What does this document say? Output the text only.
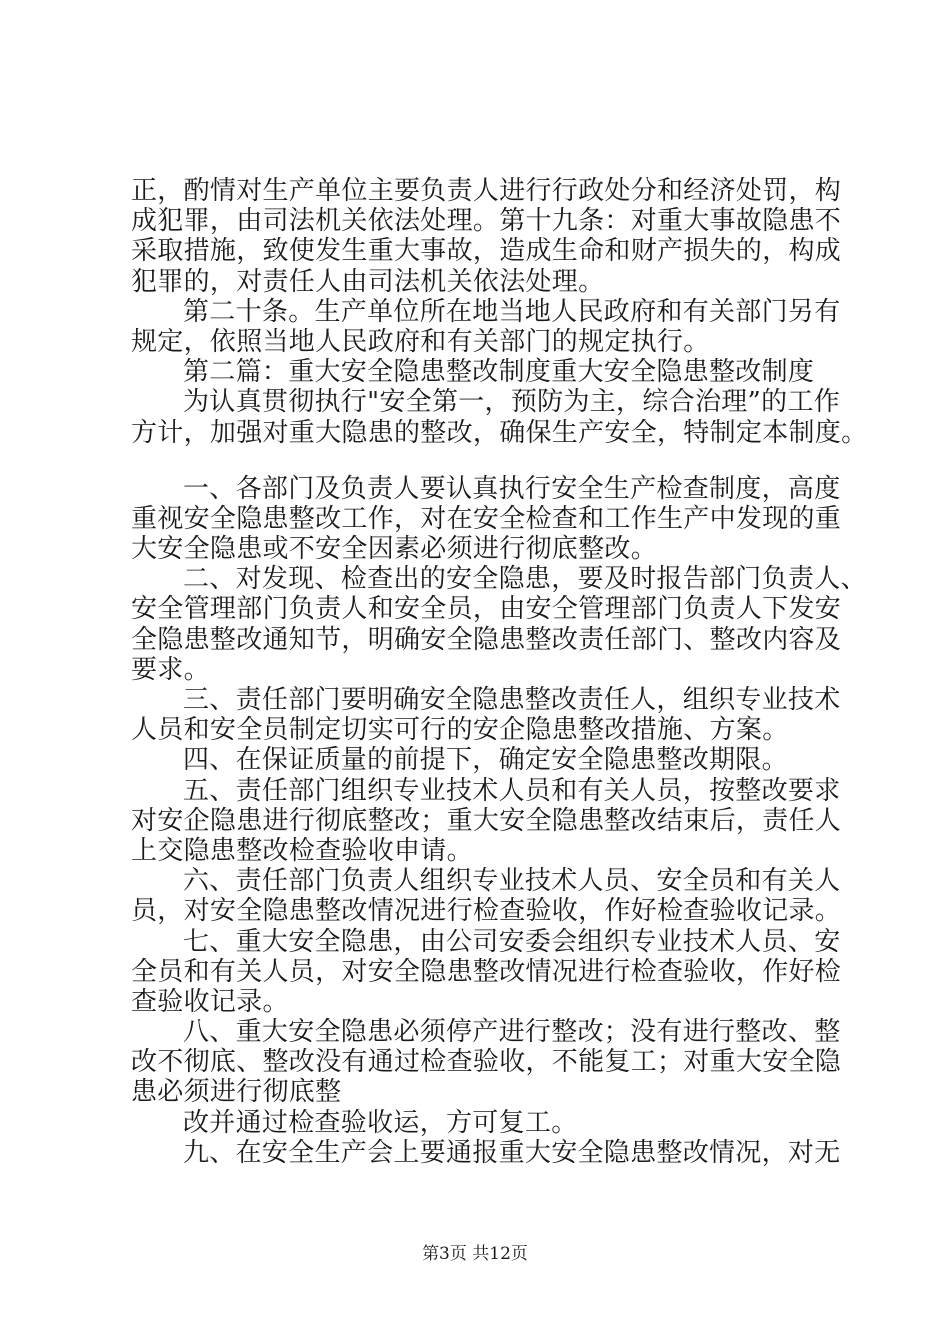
正，酌情对生产单位主要负责人进行行政处分和经济处罚，构
成犯罪，由司法机关依法处理。第十九条：对重大事故隐患不
采取措施，致使发生重大事故，造成生命和财产损失的，构成
犯罪的，对责任人由司法机关依法处理。
第二十条。生产单位所在地当地人民政府和有关部门另有
规定，依照当地人民政府和有关部门的规定执行。
第二篇：重大安全隐患整改制度重大安全隐患整改制度
为认真贯彻执行"安全第一，预防为主，综合治理”的工作
方计，加强对重大隐患的整改，确保生产安全，特制定本制度。
一、各部门及负责人要认真执行安全生产检查制度，高度
重视安全隐患整改工作，对在安全检查和工作生产中发现的重
大安全隐患或不安全因素必须进行彻底整改。
二、对发现、检查出的安全隐患，要及时报告部门负责人、
安全管理部门负责人和安全员，由安仝管理部门负责人下发安
全隐患整改通知节，明确安全隐患整改责任部门、整改内容及
要求。
三、责任部门要明确安全隐患整改责任人，组织专业技术
人员和安全员制定切实可行的安企隐患整改措施、方案。
四、在保证质量的前提下，确定安全隐患整改期限。
五、责任部门组织专业技术人员和有关人员，按整改要求
对安企隐患进行彻底整改；重大安全隐患整改结束后，责任人
上交隐患整改检查验收申请。
六、责任部门负责人组织专业技术人员、安全员和有关人
员，对安全隐患整改情况进行检查验收，作好检查验收记录。
七、重大安全隐患，由公司安委会组织专业技术人员、安
全员和有关人员，对安全隐患整改情况进行检查验收，作好检
查验收记录。
八、重大安全隐患必须停产进行整改；没有进行整改、整
改不彻底、整改没有通过检查验收，不能复工；对重大安全隐
患必须进行彻底整
改并通过检查验收运，方可复工。
九、在安全生产会上要通报重大安全隐患整改情况，对无
第3页 共12页
